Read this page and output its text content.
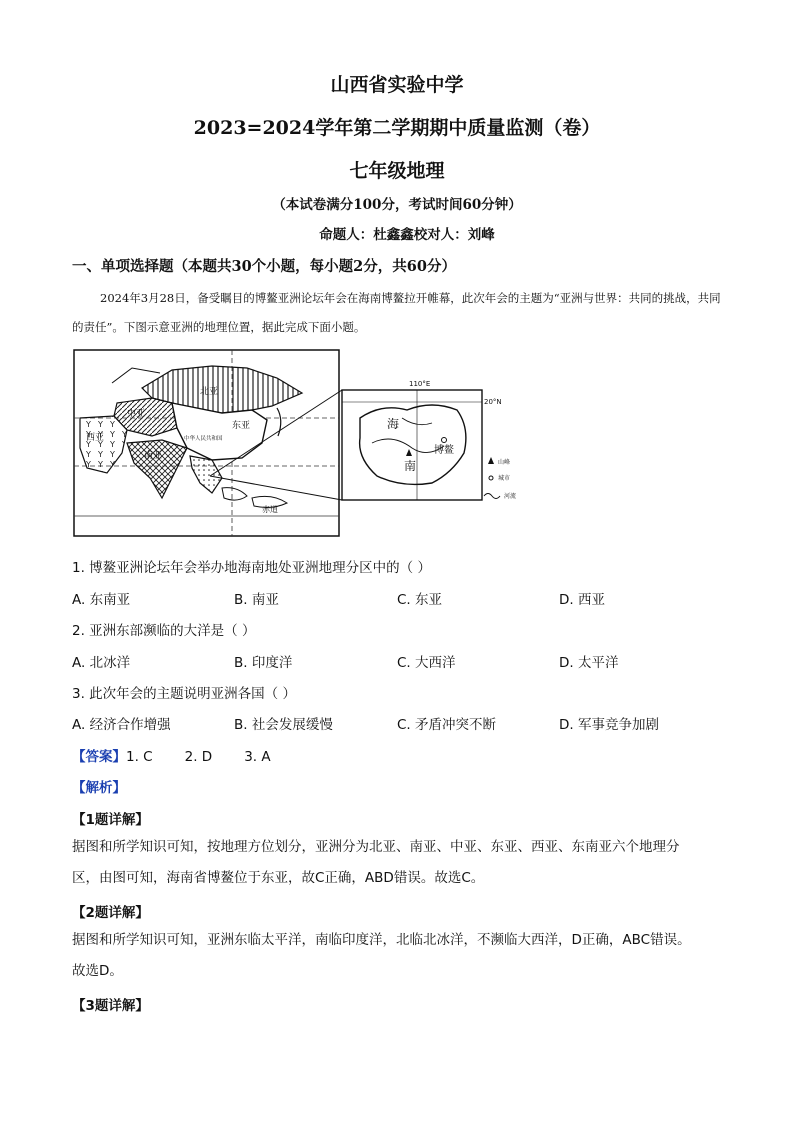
山西省实验中学
2023=2024学年第二学期期中质量监测（卷）
七年级地理
（本试卷满分100分，考试时间60分钟）
命题人：杜鑫鑫校对人：刘峰
一、单项选择题（本题共30个小题，每小题2分，共60分）
2024年3月28日，备受瞩目的博鳌亚洲论坛年会在海南博鳌拉开帷幕，此次年会的主题为“亚洲与世界：共同的挑战，共同的责任”。下图示意亚洲的地理位置，据此完成下面小题。
北亚
中亚
东亚
西亚
南亚
中华人民共和国
赤道
110°E
20°N
海
南
博鳌
山峰
城市
河流
1. 博鳌亚洲论坛年会举办地海南地处亚洲地理分区中的（ ）
A. 东南亚	B. 南亚	C. 东亚	D. 西亚
2. 亚洲东部濒临的大洋是（ ）
A. 北冰洋	B. 印度洋	C. 大西洋	D. 太平洋
3. 此次年会的主题说明亚洲各国（ ）
A. 经济合作增强	B. 社会发展缓慢	C. 矛盾冲突不断	D. 军事竞争加剧
【答案】1. C 2. D 3. A
【解析】
【1题详解】
据图和所学知识可知，按地理方位划分，亚洲分为北亚、南亚、中亚、东亚、西亚、东南亚六个地理分
区，由图可知，海南省博鳌位于东亚，故C正确，ABD错误。故选C。
【2题详解】
据图和所学知识可知，亚洲东临太平洋，南临印度洋，北临北冰洋，不濒临大西洋，D正确，ABC错误。
故选D。
【3题详解】
